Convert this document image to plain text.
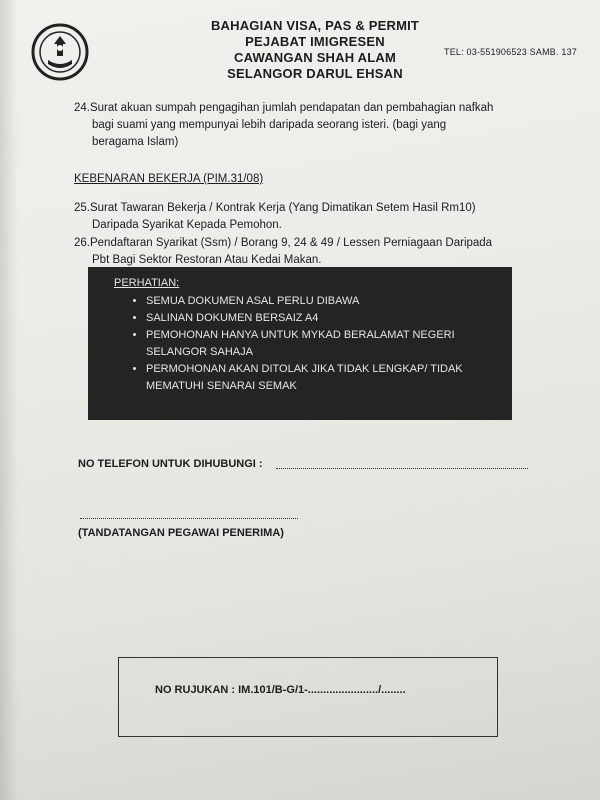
BAHAGIAN VISA, PAS & PERMIT
PEJABAT IMIGRESEN
CAWANGAN SHAH ALAM
SELANGOR DARUL EHSAN
TEL: 03-551906523 SAMB. 137
24.Surat akuan sumpah pengagihan jumlah pendapatan dan pembahagian nafkah
bagi suami yang mempunyai lebih daripada seorang isteri. (bagi yang
beragama Islam)
KEBENARAN BEKERJA (PIM.31/08)
25.Surat Tawaran Bekerja / Kontrak Kerja (Yang Dimatikan Setem Hasil Rm10)
Daripada Syarikat Kepada Pemohon.
26.Pendaftaran Syarikat (Ssm) / Borang 9, 24 & 49 / Lessen Perniagaan Daripada
Pbt Bagi Sektor Restoran Atau Kedai Makan.
PERHATIAN:
• SEMUA DOKUMEN ASAL PERLU DIBAWA
• SALINAN DOKUMEN BERSAIZ A4
• PEMOHONAN HANYA UNTUK MYKAD BERALAMAT NEGERI SELANGOR SAHAJA
• PERMOHONAN AKAN DITOLAK JIKA TIDAK LENGKAP/ TIDAK MEMATUHI SENARAI SEMAK
NO TELEFON UNTUK DIHUBUNGI :
(TANDATANGAN PEGAWAI PENERIMA)
NO RUJUKAN : IM.101/B-G/1-......................./........
